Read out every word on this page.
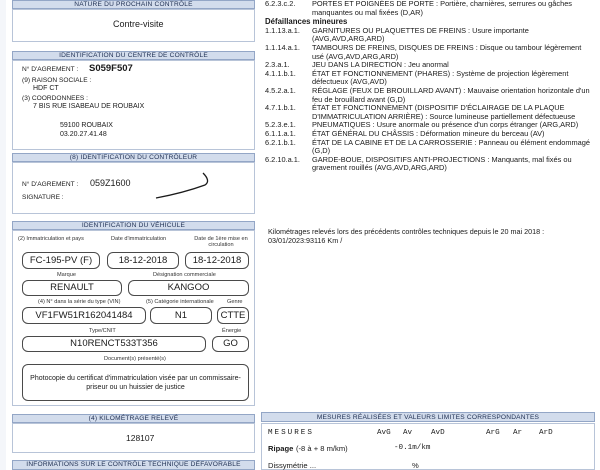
NATURE DU PROCHAIN CONTRÔLE
Contre-visite
IDENTIFICATION DU CENTRE DE CONTRÔLE
N° D'AGREMENT : S059F507
(9) RAISON SOCIALE :
HDF CT
(3) COORDONNEES :
7 BIS RUE ISABEAU DE ROUBAIX
59100 ROUBAIX
03.20.27.41.48
(8) IDENTIFICATION DU CONTRÔLEUR
N° D'AGREMENT : 059Z1600
SIGNATURE :
IDENTIFICATION DU VÉHICULE
(2) Immatriculation et pays	Date d'immatriculation	Date de 1ère mise en circulation
FC-195-PV (F)	18-12-2018	18-12-2018
Marque	Désignation commerciale
RENAULT	KANGOO
(4) N° dans la série du type (VIN)	(5) Catégorie internationale Genre
VF1FW51R162041484	N1	CTTE
Type/CNIT	Énergie
N10RENCT533T356	GO
Document(s) présenté(s)
Photocopie du certificat d'immatriculation visée par un commissaire-priseur ou un huissier de justice
(4) KILOMÉTRAGE RELEVÉ
128107
INFORMATIONS SUR LE CONTRÔLE TECHNIQUE DÉFAVORABLE
6.2.3.c.2.	PORTES ET POIGNÉES DE PORTE : Portière, charnières, serrures ou gâches manquantes ou mal fixées (D,AR)
Défaillances mineures
1.1.13.a.1.	GARNITURES OU PLAQUETTES DE FREINS : Usure importante (AVG,AVD,ARG,ARD)
1.1.14.a.1.	TAMBOURS DE FREINS, DISQUES DE FREINS : Disque ou tambour légèrement usé (AVG,AVD,ARG,ARD)
2.3.a.1.	JEU DANS LA DIRECTION : Jeu anormal
4.1.1.b.1.	ÉTAT ET FONCTIONNEMENT (PHARES) : Système de projection légèrement défectueux (AVG,AVD)
4.5.2.a.1.	RÉGLAGE (FEUX DE BROUILLARD AVANT) : Mauvaise orientation horizontale d'un feu de brouillard avant (G,D)
4.7.1.b.1.	ÉTAT ET FONCTIONNEMENT (DISPOSITIF D'ÉCLAIRAGE DE LA PLAQUE D'IMMATRICULATION ARRIÈRE) : Source lumineuse partiellement défectueuse
5.2.3.e.1.	PNEUMATIQUES : Usure anormale ou présence d'un corps étranger (ARG,ARD)
6.1.1.a.1.	ÉTAT GÉNÉRAL DU CHÂSSIS : Déformation mineure du berceau (AV)
6.2.1.b.1.	ÉTAT DE LA CABINE ET DE LA CARROSSERIE : Panneau ou élément endommagé (G,D)
6.2.10.a.1.	GARDE-BOUE, DISPOSITIFS ANTI-PROJECTIONS : Manquants, mal fixés ou gravement rouillés (AVG,AVD,ARG,ARD)
Kilométrages relevés lors des précédents contrôles techniques depuis le 20 mai 2018 : 03/01/2023:93116 Km /
MESURES RÉALISÉES ET VALEURS LIMITES CORRESPONDANTES
MESURES	AvG Av AvD	ArG Ar ArD
Ripage (-8 à + 8 m/km)	-0.1m/km
Dissymétrie ...	%
